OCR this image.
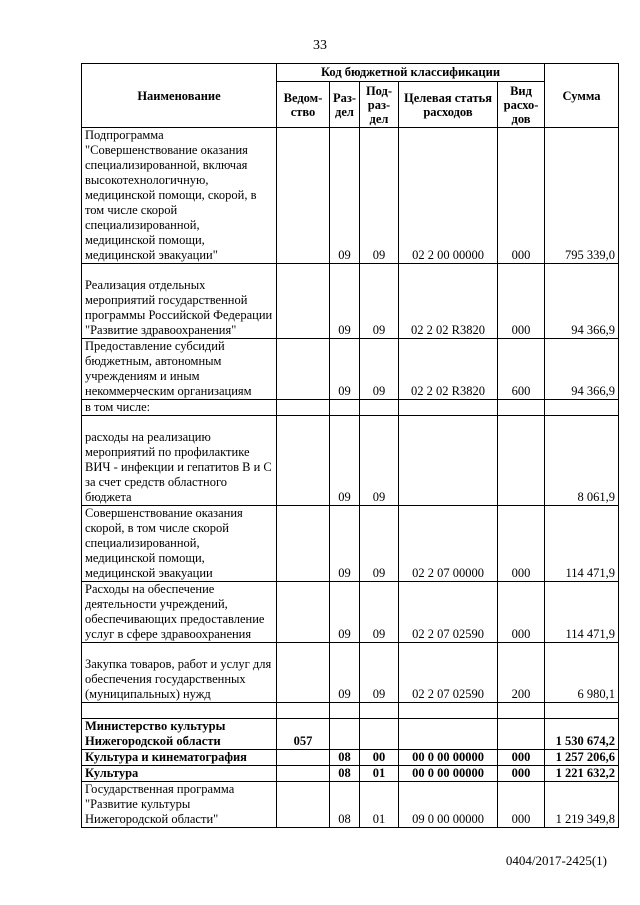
33
Наименование	Код бюджетной классификации					Сумма
	Ведом-ство	Раз-дел	Под-раз-дел	Целевая статья расходов	Вид расхо-дов	
Подпрограмма "Совершенствование оказания специализированной, включая высокотехнологичную, медицинской помощи, скорой, в том числе скорой специализированной, медицинской помощи, медицинской эвакуации"		09	09	02 2 00 00000	000	795 339,0
Реализация отдельных мероприятий государственной программы Российской Федерации "Развитие здравоохранения"		09	09	02 2 02 R3820	000	94 366,9
Предоставление субсидий бюджетным, автономным учреждениям и иным некоммерческим организациям		09	09	02 2 02 R3820	600	94 366,9
в том числе:						
расходы на реализацию мероприятий по профилактике ВИЧ - инфекции и гепатитов В и С за счет средств областного бюджета		09	09			8 061,9
Совершенствование оказания скорой, в том числе скорой специализированной, медицинской помощи, медицинской эвакуации		09	09	02 2 07 00000	000	114 471,9
Расходы на обеспечение деятельности учреждений, обеспечивающих предоставление услуг в сфере здравоохранения		09	09	02 2 07 02590	000	114 471,9
Закупка товаров, работ и услуг для обеспечения государственных (муниципальных) нужд		09	09	02 2 07 02590	200	6 980,1

Министерство культуры Нижегородской области	057					1 530 674,2
Культура и кинематография		08	00	00 0 00 00000	000	1 257 206,6
Культура		08	01	00 0 00 00000	000	1 221 632,2
Государственная программа "Развитие культуры Нижегородской области"		08	01	09 0 00 00000	000	1 219 349,8
0404/2017-2425(1)
